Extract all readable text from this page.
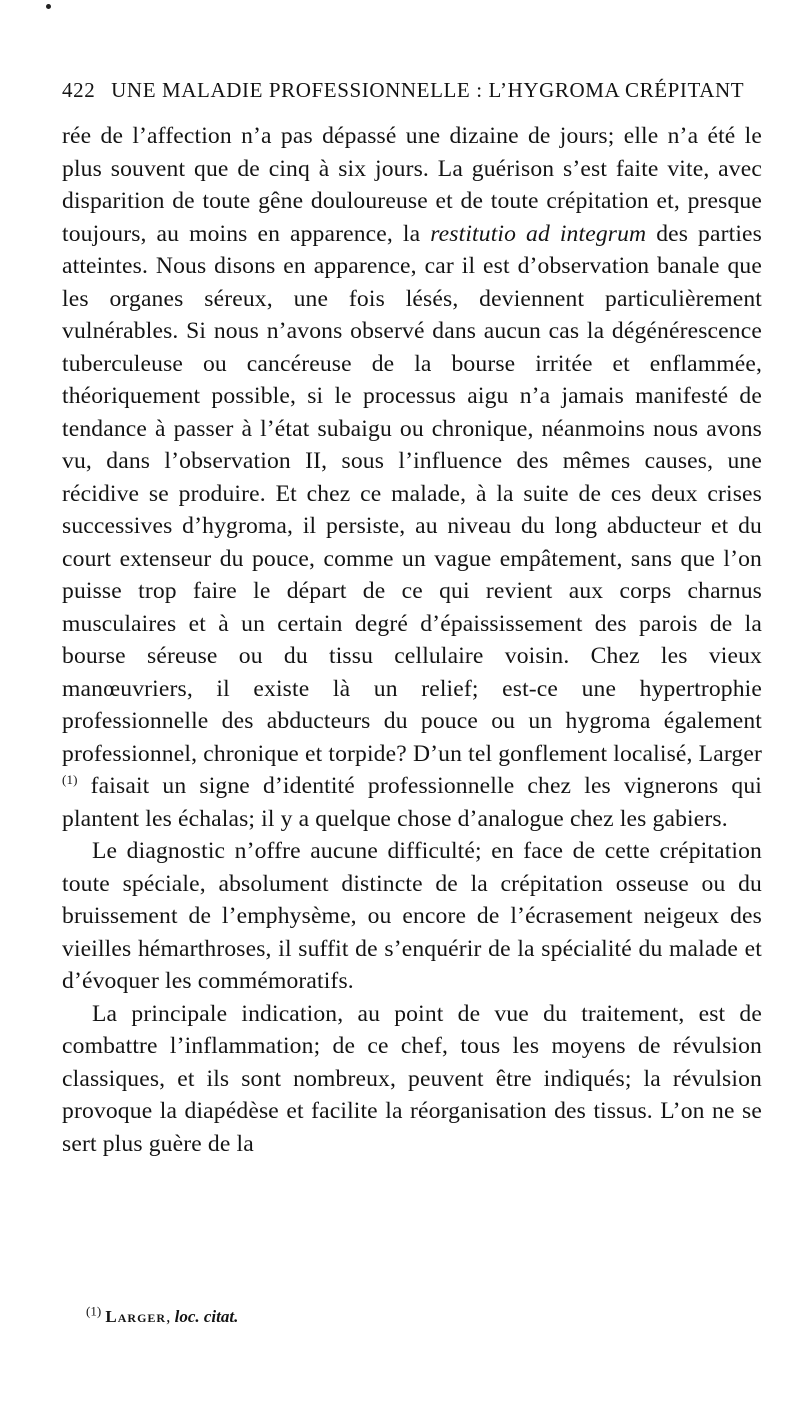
422 UNE MALADIE PROFESSIONNELLE : L’HYGROMA CRÉPITANT

rée de l’affection n’a pas dépassé une dizaine de jours; elle n’a été le plus souvent que de cinq à six jours. La guérison s’est faite vite, avec disparition de toute gêne douloureuse et de toute crépitation et, presque toujours, au moins en apparence, la restitutio ad integrum des parties atteintes. Nous disons en apparence, car il est d’observation banale que les organes séreux, une fois lésés, deviennent particulièrement vulnérables. Si nous n’avons observé dans aucun cas la dégénérescence tuberculeuse ou cancéreuse de la bourse irritée et enflammée, théoriquement possible, si le processus aigu n’a jamais manifesté de tendance à passer à l’état subaigu ou chronique, néanmoins nous avons vu, dans l’observation II, sous l’influence des mêmes causes, une récidive se produire. Et chez ce malade, à la suite de ces deux crises successives d’hygroma, il persiste, au niveau du long abducteur et du court extenseur du pouce, comme un vague empâtement, sans que l’on puisse trop faire le départ de ce qui revient aux corps charnus musculaires et à un certain degré d’épaississement des parois de la bourse séreuse ou du tissu cellulaire voisin. Chez les vieux manœuvriers, il existe là un relief; est-ce une hypertrophie professionnelle des abducteurs du pouce ou un hygroma également professionnel, chronique et torpide? D’un tel gonflement localisé, Larger $^{(1)}$ faisait un signe d’identité professionnelle chez les vignerons qui plantent les échalas; il y a quelque chose d’analogue chez les gabiers.

Le diagnostic n’offre aucune difficulté; en face de cette crépitation toute spéciale, absolument distincte de la crépitation osseuse ou du bruissement de l’emphysème, ou encore de l’écrasement neigeux des vieilles hémarthroses, il suffit de s’enquérir de la spécialité du malade et d’évoquer les commémoratifs.

La principale indication, au point de vue du traitement, est de combattre l’inflammation; de ce chef, tous les moyens de révulsion classiques, et ils sont nombreux, peuvent être indiqués; la révulsion provoque la diapédèse et facilite la réorganisation des tissus. L’on ne se sert plus guère de la

$^{(1)}$ Larger, loc. citat.
